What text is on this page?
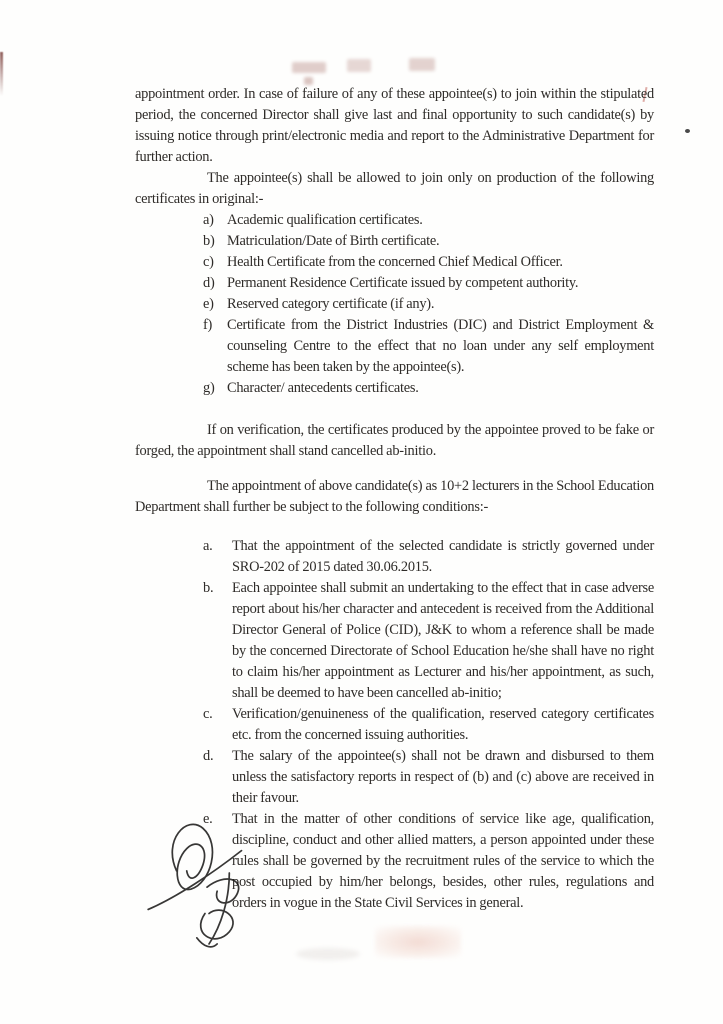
appointment order. In case of failure of any of these appointee(s) to join within the stipulated period, the concerned Director shall give last and final opportunity to such candidate(s) by issuing notice through print/electronic media and report to the Administrative Department for further action.

The appointee(s) shall be allowed to join only on production of the following certificates in original:-

a) Academic qualification certificates.
b) Matriculation/Date of Birth certificate.
c) Health Certificate from the concerned Chief Medical Officer.
d) Permanent Residence Certificate issued by competent authority.
e) Reserved category certificate (if any).
f)	Certificate from the District Industries (DIC) and District Employment & counseling Centre to the effect that no loan under any self employment scheme has been taken by the appointee(s).
g) Character/ antecedents certificates.

If on verification, the certificates produced by the appointee proved to be fake or forged, the appointment shall stand cancelled ab-initio.

The appointment of above candidate(s) as 10+2 lecturers in the School Education Department shall further be subject to the following conditions:-

a.	That the appointment of the selected candidate is strictly governed under SRO-202 of 2015 dated 30.06.2015.
b.	Each appointee shall submit an undertaking to the effect that in case adverse report about his/her character and antecedent is received from the Additional Director General of Police (CID), J&K to whom a reference shall be made by the concerned Directorate of School Education he/she shall have no right to claim his/her appointment as Lecturer and his/her appointment, as such, shall be deemed to have been cancelled ab-initio;
c.	Verification/genuineness of the qualification, reserved category certificates etc. from the concerned issuing authorities.
d.	The salary of the appointee(s) shall not be drawn and disbursed to them unless the satisfactory reports in respect of (b) and (c) above are received in their favour.
e.	That in the matter of other conditions of service like age, qualification, discipline, conduct and other allied matters, a person appointed under these rules shall be governed by the recruitment rules of the service to which the post occupied by him/her belongs, besides, other rules, regulations and orders in vogue in the State Civil Services in general.
